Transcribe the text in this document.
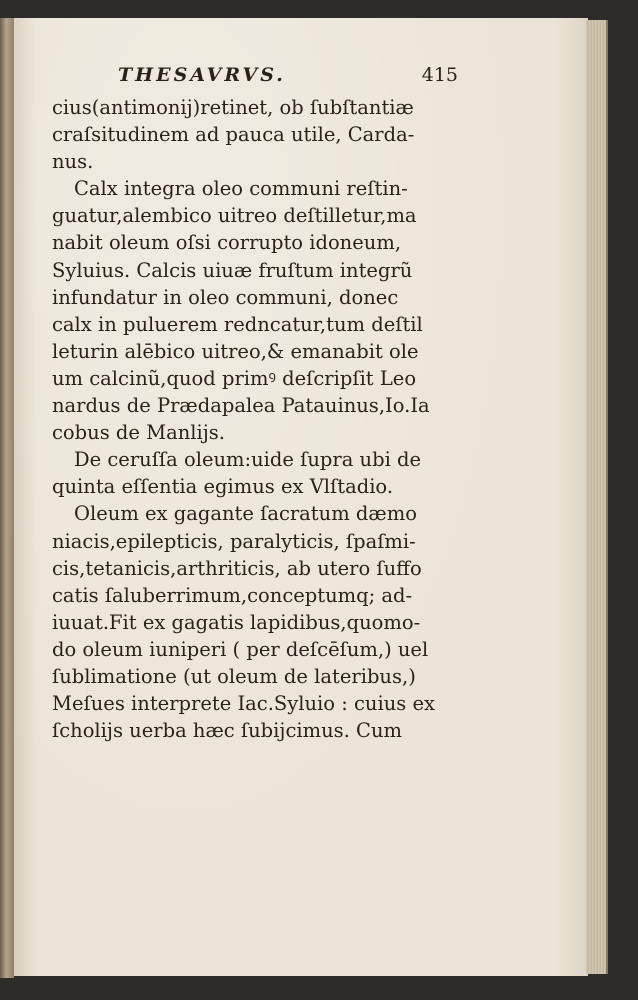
THESAVRVS.	415
cius(antimonij)retinet, ob ſubſtantiæ
craſsitudinem ad pauca utile, Carda-
nus.
Calx integra oleo communi reſtin-
guatur,alembico uitreo deſtilletur,ma
nabit oleum oſsi corrupto idoneum,
Syluius. Calcis uiuæ fruſtum integrũ
infundatur in oleo communi, donec
calx in puluerem redncatur,tum deſtil
leturin alēbico uitreo,& emanabit ole
um calcinũ,quod primꝰ deſcripſit Leo
nardus de Prædapalea Patauinus,Io.Ia
cobus de Manlijs.
De ceruſſa oleum:uide ſupra ubi de
quinta eſſentia egimus ex Vlſtadio.
Oleum ex gagante ſacratum dæmo
niacis,epilepticis, paralyticis, ſpaſmi-
cis,tetanicis,arthriticis, ab utero ſuffo
catis ſaluberrimum,conceptumq; ad-
iuuat.Fit ex gagatis lapidibus,quomo-
do oleum iuniperi ( per deſcēſum,) uel
ſublimatione (ut oleum de lateribus,)
Meſues interprete Iac.Syluio : cuius ex
ſcholijs uerba hæc ſubijcimus. Cum
